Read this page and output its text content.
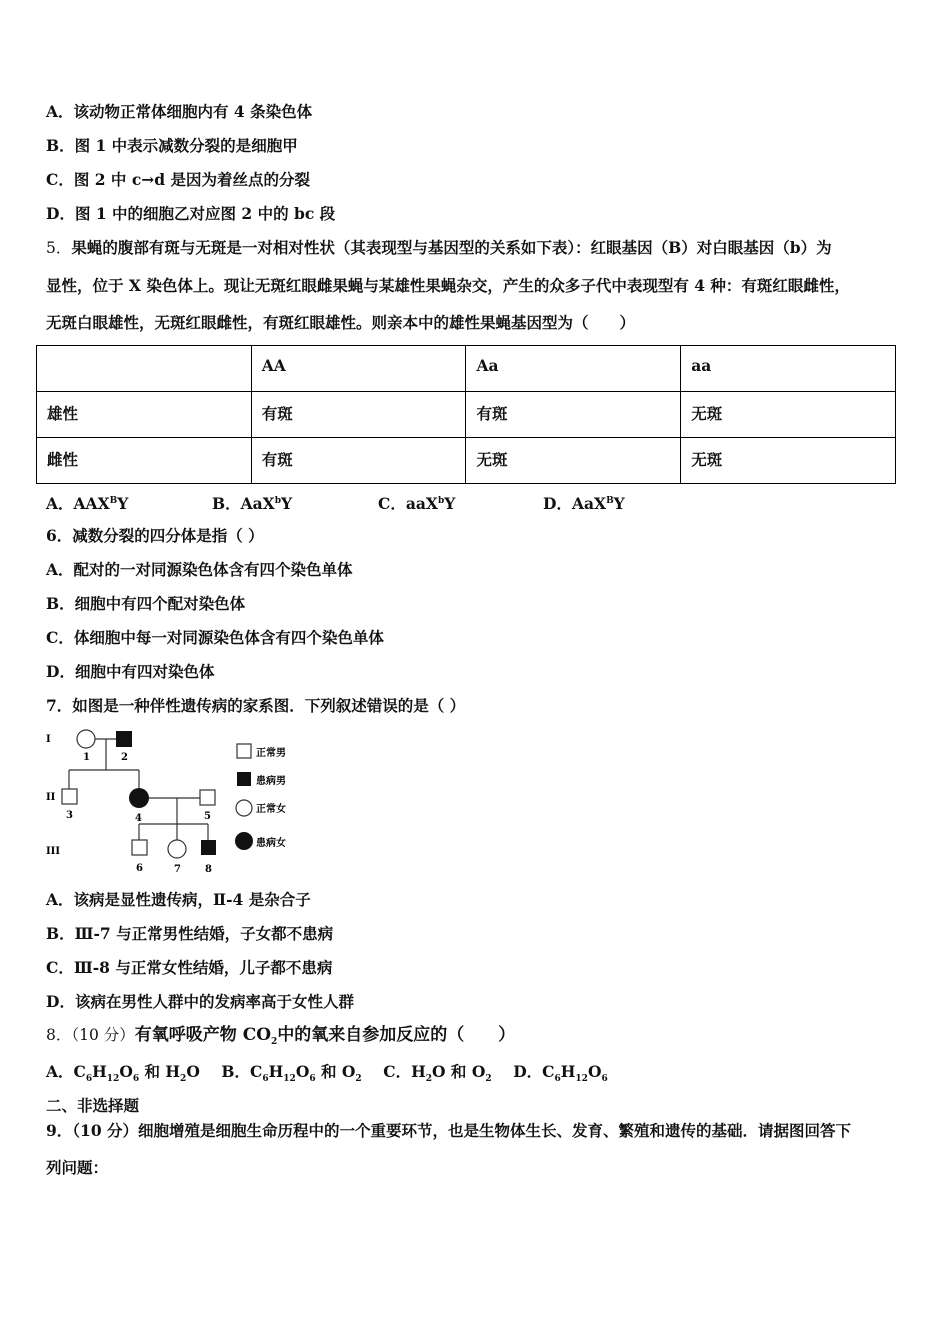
A．该动物正常体细胞内有 4 条染色体
B．图 1 中表示减数分裂的是细胞甲
C．图 2 中 c→d 是因为着丝点的分裂
D．图 1 中的细胞乙对应图 2 中的 bc 段
5．果蝇的腹部有斑与无斑是一对相对性状（其表现型与基因型的关系如下表）：红眼基因（B）对白眼基因（b）为
显性，位于 X 染色体上。现让无斑红眼雌果蝇与某雄性果蝇杂交，产生的众多子代中表现型有 4 种：有斑红眼雌性，
无斑白眼雄性，无斑红眼雌性，有斑红眼雄性。则亲本中的雄性果蝇基因型为（　　）
	AA	Aa	aa
雄性	有斑	有斑	无斑
雌性	有斑	无斑	无斑
A．$AAX^BY$	B．AaX$^b$Y	C．aaX$^b$Y	D．AaX$^B$Y
6．减数分裂的四分体是指（ ）
A．配对的一对同源染色体含有四个染色单体
B．细胞中有四个配对染色体
C．体细胞中每一对同源染色体含有四个染色单体
D．细胞中有四对染色体
7．如图是一种伴性遗传病的家系图．下列叙述错误的是（ ）
I
II
III
1	2
3	4	5
6	7 8
正常男
患病男
正常女
患病女
A．该病是显性遗传病，Ⅱ-4 是杂合子
B．Ⅲ-7 与正常男性结婚，子女都不患病
C．Ⅲ-8 与正常女性结婚，儿子都不患病
D．该病在男性人群中的发病率高于女性人群
8．（10 分）有氧呼吸产物 $CO_2$中的氧来自参加反应的（　　）
A．$C_6H_{12}O_6$ 和 $H_2O$ B．$C_6H_{12}O_6$ 和 $O_2$ C．$H_2O$ 和 $O_2$ D．$C_6H_{12}O_6$
二、非选择题
9．（10 分）细胞增殖是细胞生命历程中的一个重要环节，也是生物体生长、发育、繁殖和遗传的基础．请据图回答下
列问题：
